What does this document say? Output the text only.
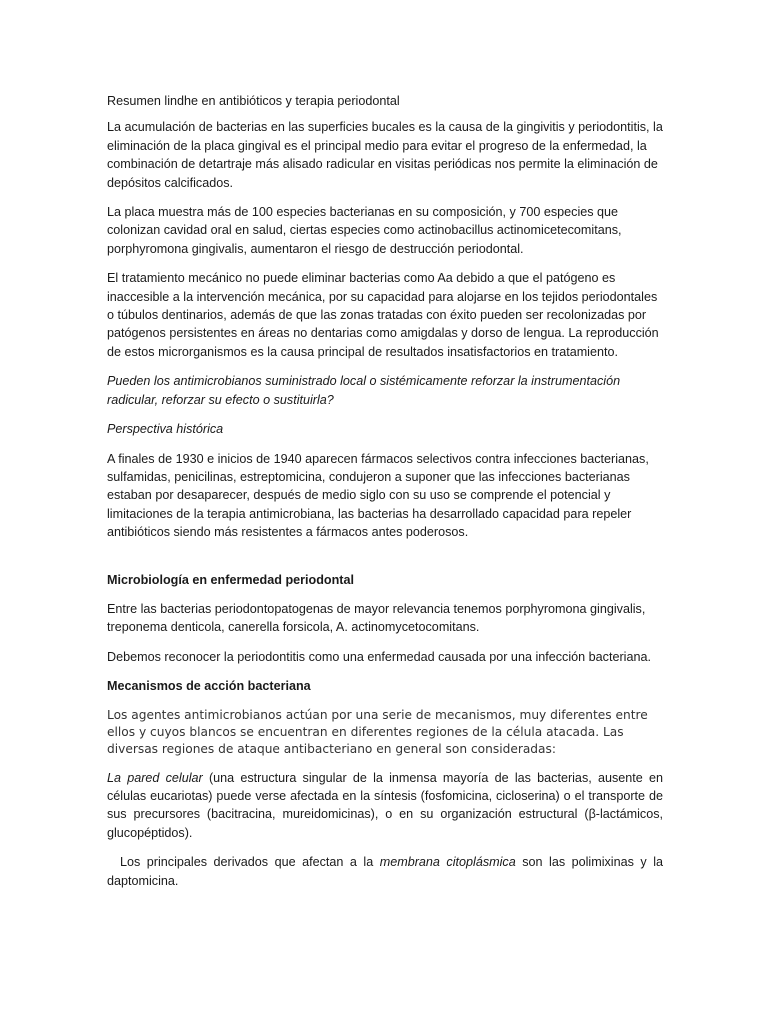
Resumen lindhe en antibióticos y terapia periodontal

La acumulación de bacterias en las superficies bucales es la causa de la gingivitis y periodontitis, la eliminación de la placa gingival es el principal medio para evitar el progreso de la enfermedad, la combinación de detartraje más alisado radicular en visitas periódicas nos permite la eliminación de depósitos calcificados.

La placa muestra más de 100 especies bacterianas en su composición, y 700 especies que colonizan cavidad oral en salud, ciertas especies como actinobacillus actinomicetecomitans, porphyromona gingivalis, aumentaron el riesgo de destrucción periodontal.

El tratamiento mecánico no puede eliminar bacterias como Aa debido a que el patógeno es inaccesible a la intervención mecánica, por su capacidad para alojarse en los tejidos periodontales o túbulos dentinarios, además de que las zonas tratadas con éxito pueden ser recolonizadas por patógenos persistentes en áreas no dentarias como amigdalas y dorso de lengua. La reproducción de estos microrganismos es la causa principal de resultados insatisfactorios en tratamiento.

Pueden los antimicrobianos suministrado local o sistémicamente reforzar la instrumentación radicular, reforzar su efecto o sustituirla?

Perspectiva histórica

A finales de 1930 e inicios de 1940 aparecen fármacos selectivos contra infecciones bacterianas, sulfamidas, penicilinas, estreptomicina, condujeron a suponer que las infecciones bacterianas estaban por desaparecer, después de medio siglo con su uso se comprende el potencial y limitaciones de la terapia antimicrobiana, las bacterias ha desarrollado capacidad para repeler antibióticos siendo más resistentes a fármacos antes poderosos.

Microbiología en enfermedad periodontal

Entre las bacterias periodontopatogenas de mayor relevancia tenemos porphyromona gingivalis, treponema denticola, canerella forsicola, A. actinomycetocomitans.

Debemos reconocer la periodontitis como una enfermedad causada por una infección bacteriana.

Mecanismos de acción bacteriana

Los agentes antimicrobianos actúan por una serie de mecanismos, muy diferentes entre ellos y cuyos blancos se encuentran en diferentes regiones de la célula atacada. Las diversas regiones de ataque antibacteriano en general son consideradas:

La pared celular (una estructura singular de la inmensa mayoría de las bacterias, ausente en células eucariotas) puede verse afectada en la síntesis (fosfomicina, cicloserina) o el transporte de sus precursores (bacitracina, mureidomicinas), o en su organización estructural (β-lactámicos, glucopéptidos).

Los principales derivados que afectan a la membrana citoplásmica son las polimixinas y la daptomicina.
